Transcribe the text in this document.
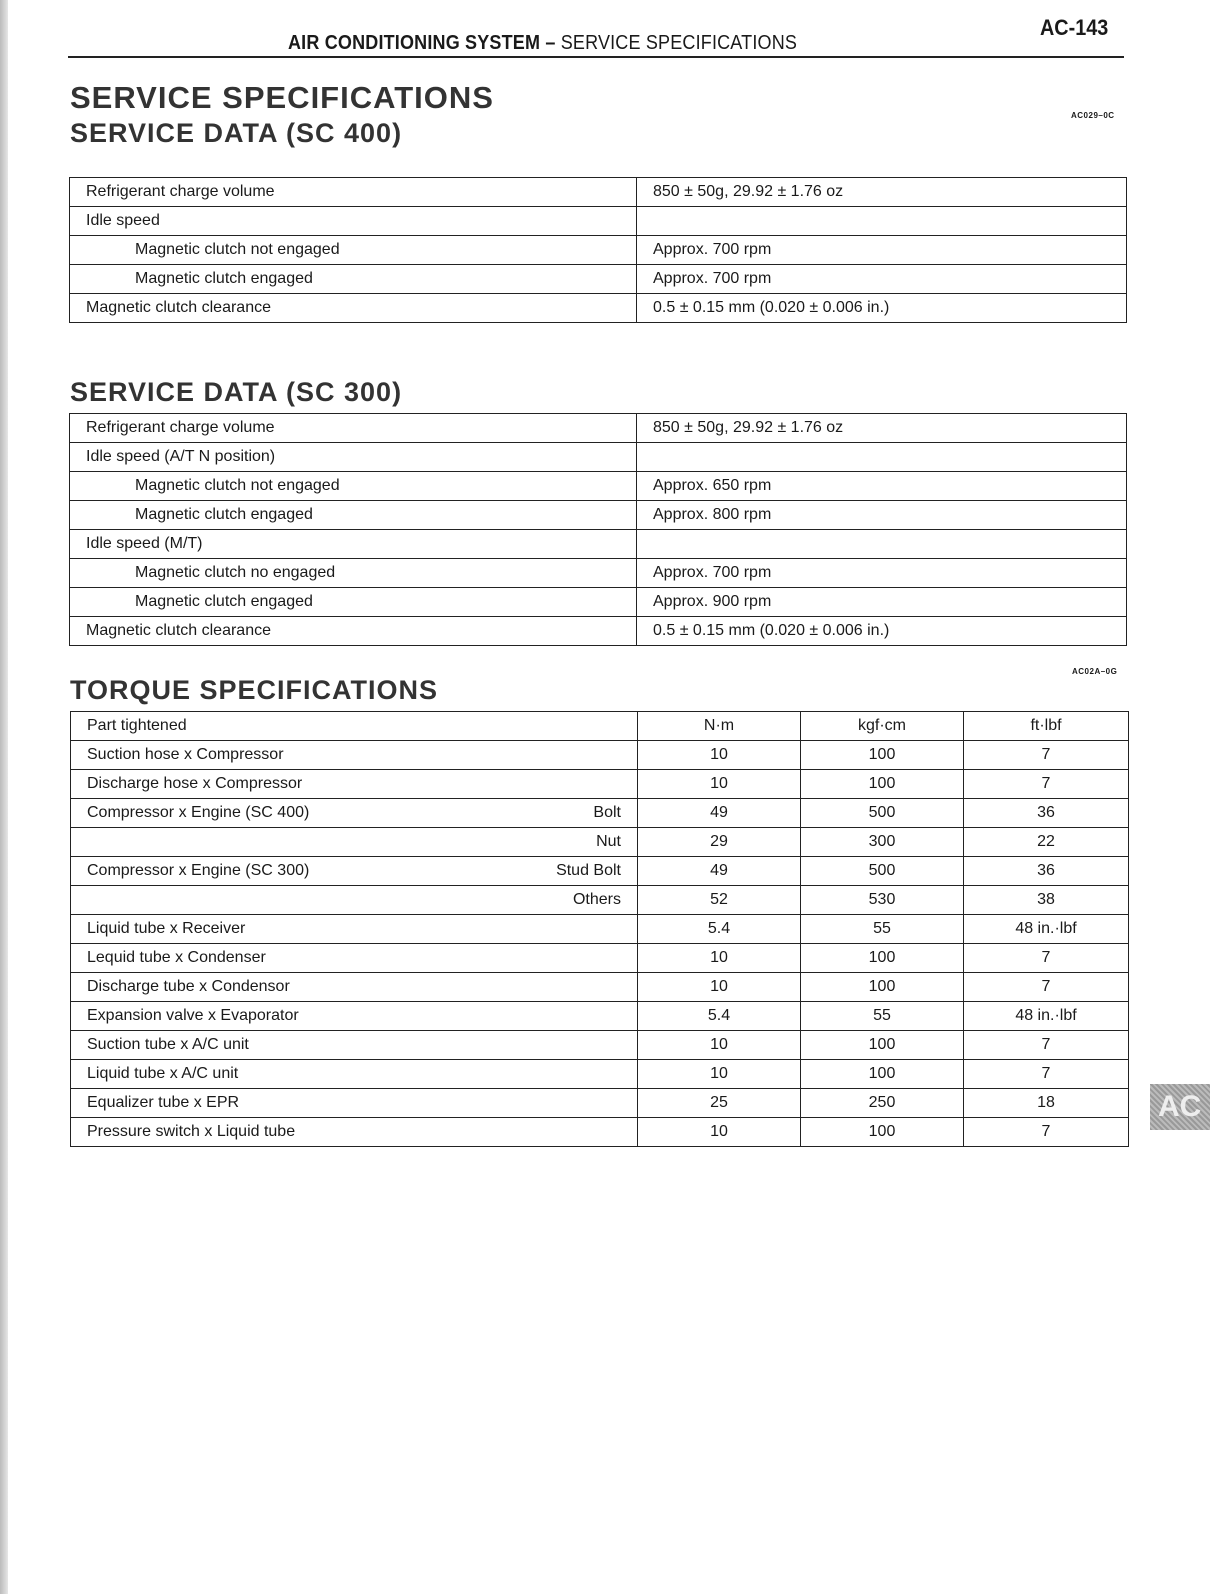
AIR CONDITIONING SYSTEM – SERVICE SPECIFICATIONS
AC-143
SERVICE SPECIFICATIONS
AC029–0C
SERVICE DATA (SC 400)
Refrigerant charge volume	850 ± 50g, 29.92 ± 1.76 oz
Idle speed	
Magnetic clutch not engaged	Approx. 700 rpm
Magnetic clutch engaged	Approx. 700 rpm
Magnetic clutch clearance	0.5 ± 0.15 mm (0.020 ± 0.006 in.)
SERVICE DATA (SC 300)
Refrigerant charge volume	850 ± 50g, 29.92 ± 1.76 oz
Idle speed (A/T N position)	
Magnetic clutch not engaged	Approx. 650 rpm
Magnetic clutch engaged	Approx. 800 rpm
Idle speed (M/T)	
Magnetic clutch no engaged	Approx. 700 rpm
Magnetic clutch engaged	Approx. 900 rpm
Magnetic clutch clearance	0.5 ± 0.15 mm (0.020 ± 0.006 in.)
AC02A–0G
TORQUE SPECIFICATIONS
Part tightened		N·m	kgf·cm	ft·lbf
Suction hose x Compressor		10	100	7
Discharge hose x Compressor		10	100	7
Compressor x Engine (SC 400)	Bolt	49	500	36
	Nut	29	300	22
Compressor x Engine (SC 300)	Stud Bolt	49	500	36
	Others	52	530	38
Liquid tube x Receiver		5.4	55	48 in.·lbf
Lequid tube x Condenser		10	100	7
Discharge tube x Condensor		10	100	7
Expansion valve x Evaporator		5.4	55	48 in.·lbf
Suction tube x A/C unit		10	100	7
Liquid tube x A/C unit		10	100	7
Equalizer tube x EPR		25	250	18
Pressure switch x Liquid tube		10	100	7
AC
